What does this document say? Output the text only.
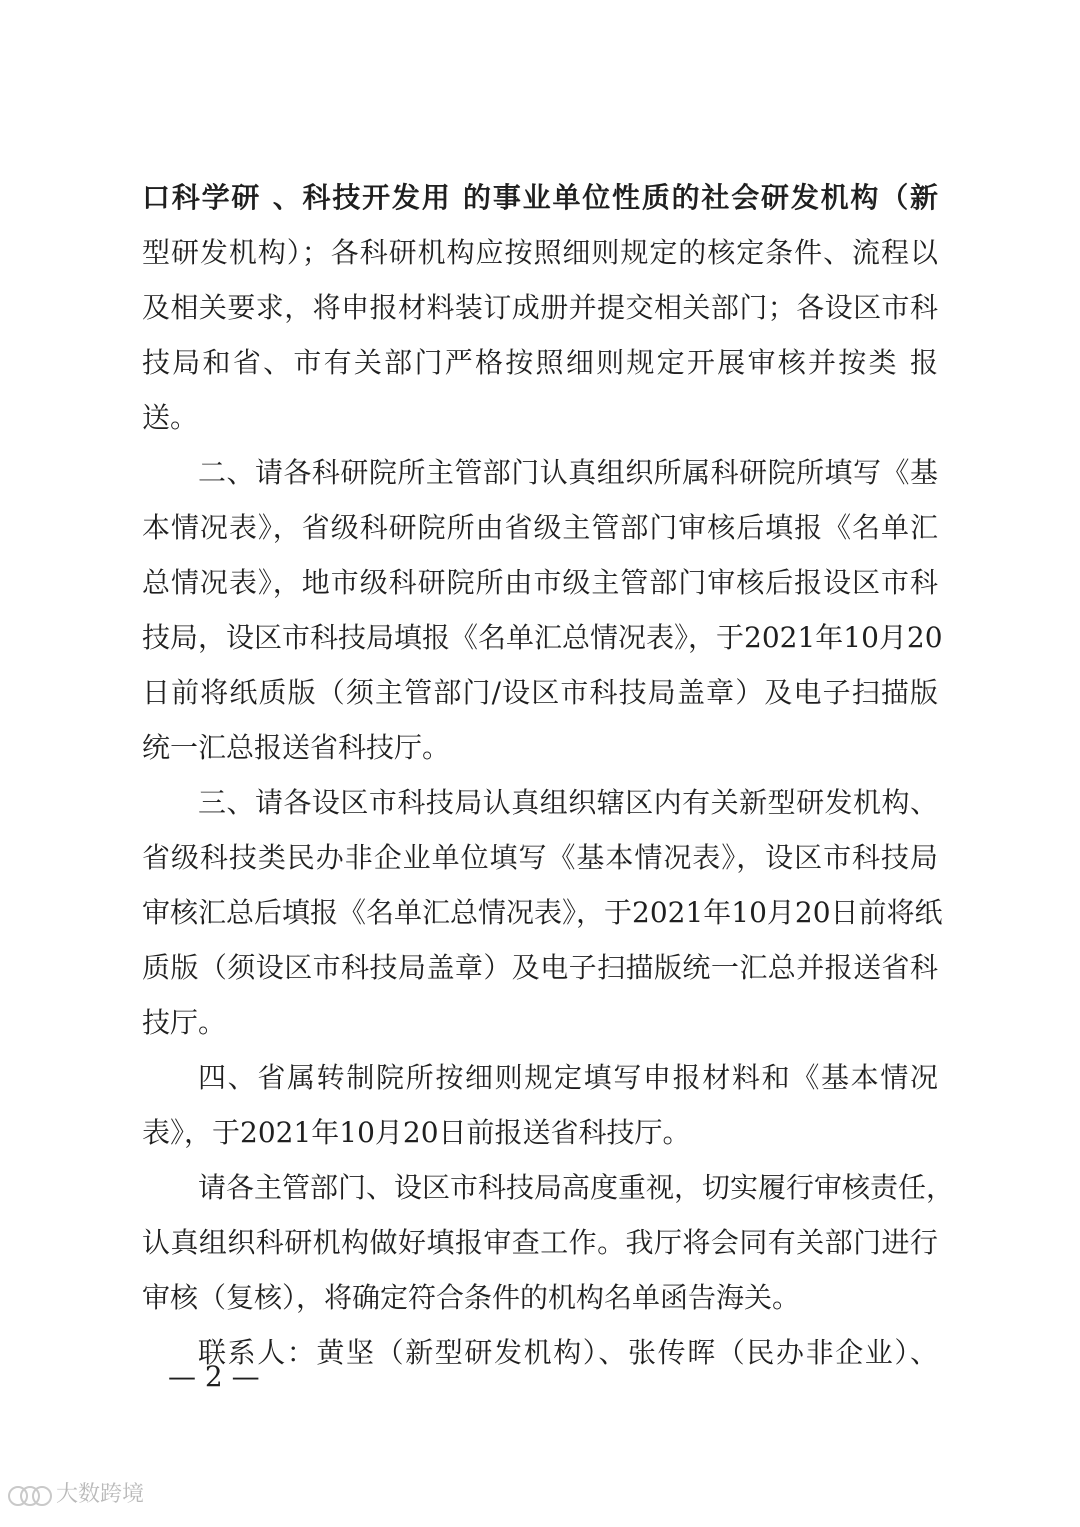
口科学研 、科技开发用 的事业单位性质的社会研发机构（新
型研发机构）；各科研机构应按照细则规定的核定条件、流程以
及相关要求，将申报材料装订成册并提交相关部门；各设区市科
技局和省、市有关部门严格按照细则规定开展审核并按类 报
送。
二、请各科研院所主管部门认真组织所属科研院所填写《基
本情况表》，省级科研院所由省级主管部门审核后填报《名单汇
总情况表》，地市级科研院所由市级主管部门审核后报设区市科
技局，设区市科技局填报《名单汇总情况表》，于2021年10月20
日前将纸质版（须主管部门/设区市科技局盖章）及电子扫描版
统一汇总报送省科技厅。
三、请各设区市科技局认真组织辖区内有关新型研发机构、
省级科技类民办非企业单位填写《基本情况表》，设区市科技局
审核汇总后填报《名单汇总情况表》，于2021年10月20日前将纸
质版（须设区市科技局盖章）及电子扫描版统一汇总并报送省科
技厅。
四、省属转制院所按细则规定填写申报材料和《基本情况
表》，于2021年10月20日前报送省科技厅。
请各主管部门、设区市科技局高度重视，切实履行审核责任，
认真组织科研机构做好填报审查工作。我厅将会同有关部门进行
审核（复核），将确定符合条件的机构名单函告海关。
联系人：黄坚（新型研发机构）、张传晖（民办非企业）、
— 2 —
大数跨境
